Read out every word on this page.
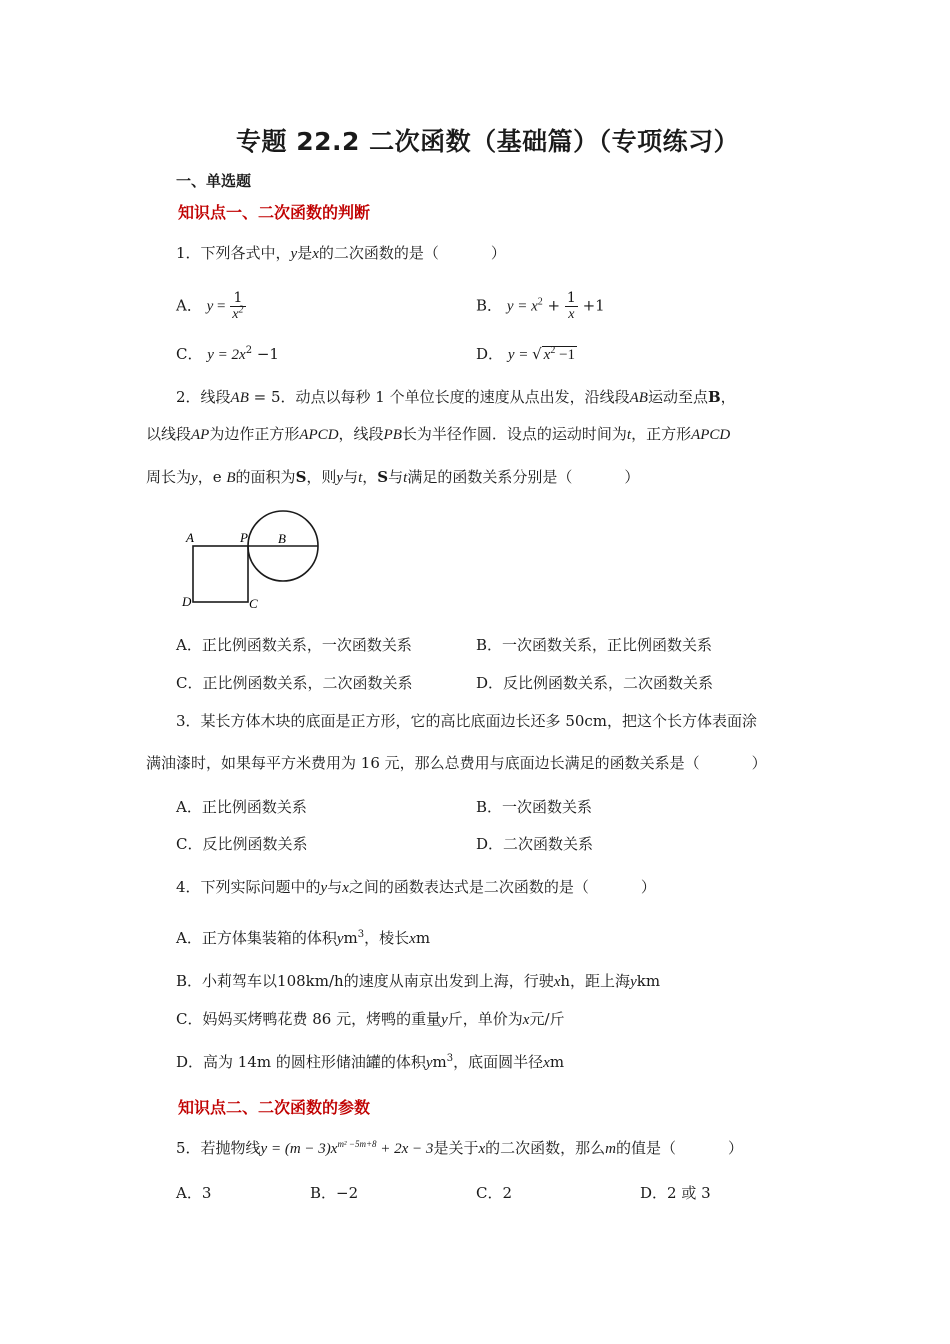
专题 22.2 二次函数（基础篇）（专项练习）
一、单选题
知识点一、二次函数的判断
1．下列各式中，y是x的二次函数的是（	）
A． $y = \frac{1}{x^2}$	B． $y = x^2 + \frac{1}{x} +1$
C． $y = 2x^2 -1$	D． y = √ $x^2 -1$
2．线段AB = 5．动点以每秒 1 个单位长度的速度从点出发，沿线段AB运动至点B，
以线段AP为边作正方形APCD，线段PB长为半径作圆．设点的运动时间为t，正方形APCD
周长为y，e B的面积为S，则y与t，S与t满足的函数关系分别是（	）
A	P B
D	C
A．正比例函数关系，一次函数关系	B．一次函数关系，正比例函数关系
C．正比例函数关系，二次函数关系	D．反比例函数关系，二次函数关系
3．某长方体木块的底面是正方形，它的高比底面边长还多 50cm，把这个长方体表面涂
满油漆时，如果每平方米费用为 16 元，那么总费用与底面边长满足的函数关系是（	）
A．正比例函数关系	B．一次函数关系
C．反比例函数关系	D．二次函数关系
4．下列实际问题中的y与x之间的函数表达式是二次函数的是（	）
A．正方体集装箱的体积$ym^3$，棱长xm
B．小莉驾车以108km/h的速度从南京出发到上海，行驶xh，距上海ykm
C．妈妈买烤鸭花费 86 元，烤鸭的重量y斤，单价为x元/斤
D．高为 14m 的圆柱形储油罐的体积$ym^3$，底面圆半径xm
知识点二、二次函数的参数
5．若抛物线$y = (m - 3)x^{m^2 -5m+8} + 2x - 3$是关于x的二次函数，那么m的值是（	）
A．3	B．−2	C．2	D．2 或 3
